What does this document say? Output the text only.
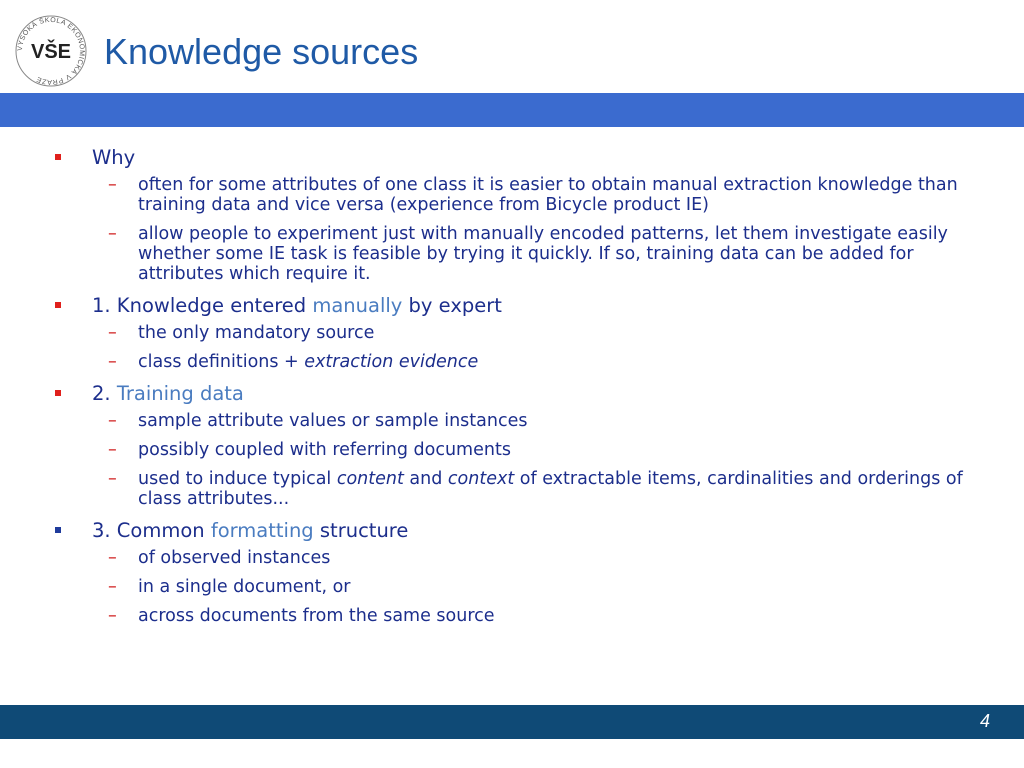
VYSOKÁ ŠKOLA EKONOMICKÁ V PRAZE
VŠE Knowledge sources
Why
– often for some attributes of one class it is easier to obtain manual extraction knowledge than training data and vice versa (experience from Bicycle product IE)
– allow people to experiment just with manually encoded patterns, let them investigate easily whether some IE task is feasible by trying it quickly. If so, training data can be added for attributes which require it.
1. Knowledge entered manually by expert
– the only mandatory source
– class definitions + extraction evidence
2. Training data
– sample attribute values or sample instances
– possibly coupled with referring documents
– used to induce typical content and context of extractable items, cardinalities and orderings of class attributes...
3. Common formatting structure
– of observed instances
– in a single document, or
– across documents from the same source
4
